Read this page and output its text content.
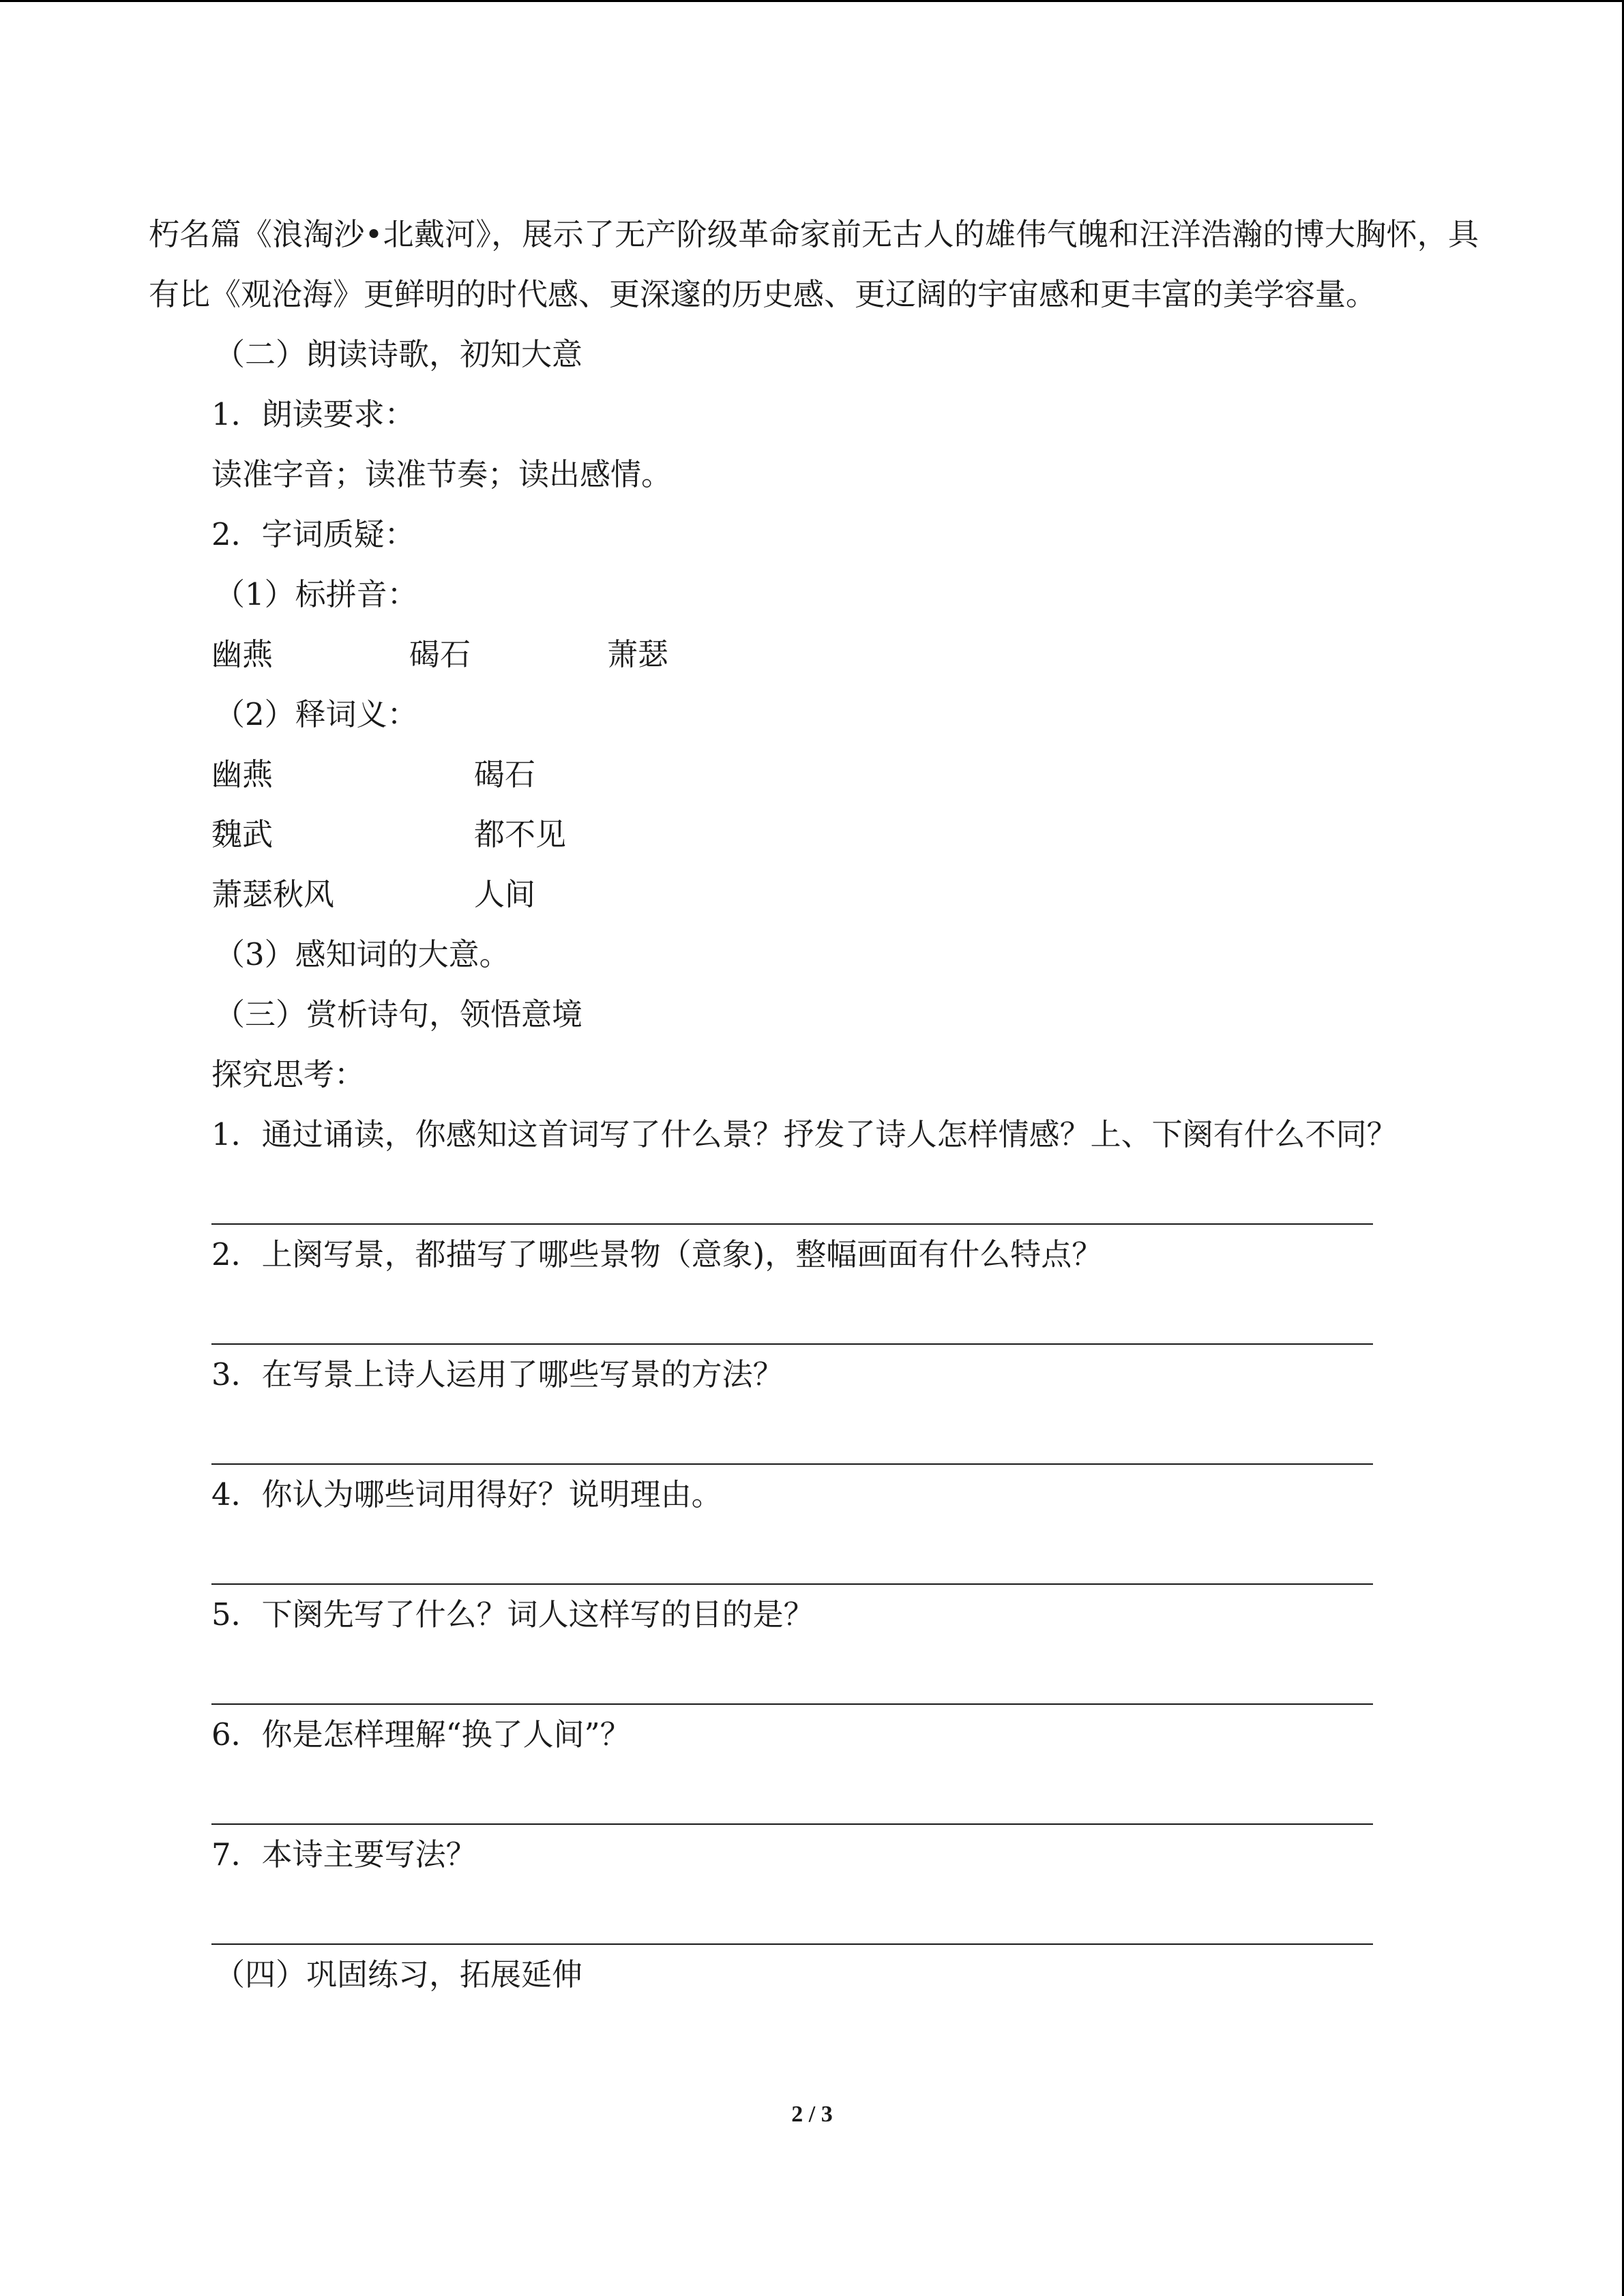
朽名篇《浪淘沙•北戴河》，展示了无产阶级革命家前无古人的雄伟气魄和汪洋浩瀚的博大胸怀，具有比《观沧海》更鲜明的时代感、更深邃的历史感、更辽阔的宇宙感和更丰富的美学容量。

（二）朗读诗歌，初知大意

1．朗读要求：

读准字音；读准节奏；读出感情。

2．字词质疑：

（1）标拼音：

幽燕	碣石	萧瑟

（2）释词义：

幽燕	碣石
魏武	都不见
萧瑟秋风	人间

（3）感知词的大意。

（三）赏析诗句，领悟意境

探究思考：

1．通过诵读，你感知这首词写了什么景？抒发了诗人怎样情感？上、下阕有什么不同？

2．上阕写景，都描写了哪些景物（意象)，整幅画面有什么特点？

3．在写景上诗人运用了哪些写景的方法？

4．你认为哪些词用得好？说明理由。

5．下阕先写了什么？词人这样写的目的是？

6．你是怎样理解“换了人间”？

7．本诗主要写法？

（四）巩固练习，拓展延伸

2 / 3
